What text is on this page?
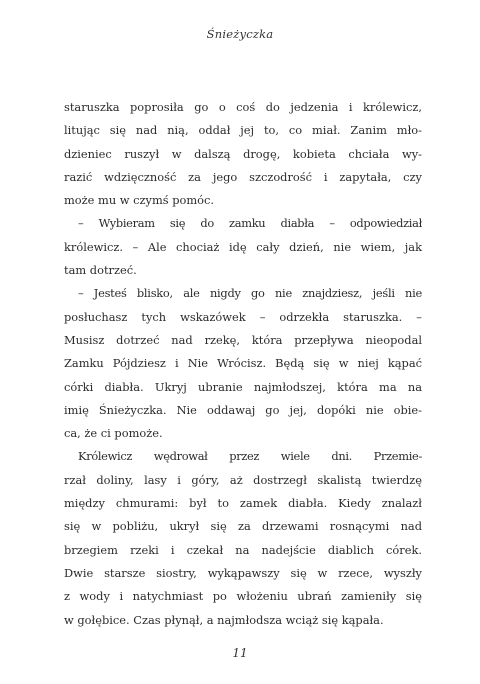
Śnieżyczka

staruszka poprosiła go o coś do jedzenia i królewicz,
litując się nad nią, oddał jej to, co miał. Zanim mło-
dzieniec ruszył w dalszą drogę, kobieta chciała wy-
razić wdzięczność za jego szczodrość i zapytała, czy
może mu w czymś pomóc.

– Wybieram się do zamku diabła – odpowiedział
królewicz. – Ale chociaż idę cały dzień, nie wiem, jak
tam dotrzeć.

– Jesteś blisko, ale nigdy go nie znajdziesz, jeśli nie
posłuchasz tych wskazówek – odrzekła staruszka. –
Musisz dotrzeć nad rzekę, która przepływa nieopodal
Zamku Pójdziesz i Nie Wrócisz. Będą się w niej kąpać
córki diabła. Ukryj ubranie najmłodszej, która ma na
imię Śnieżyczka. Nie oddawaj go jej, dopóki nie obie-
ca, że ci pomoże.

Królewicz wędrował przez wiele dni. Przemie-
rzał doliny, lasy i góry, aż dostrzegł skalistą twierdzę
między chmurami: był to zamek diabła. Kiedy znalazł
się w pobliżu, ukrył się za drzewami rosnącymi nad
brzegiem rzeki i czekał na nadejście diablich córek.
Dwie starsze siostry, wykąpawszy się w rzece, wyszły
z wody i natychmiast po włożeniu ubrań zamieniły się
w gołębice. Czas płynął, a najmłodsza wciąż się kąpała.

11
